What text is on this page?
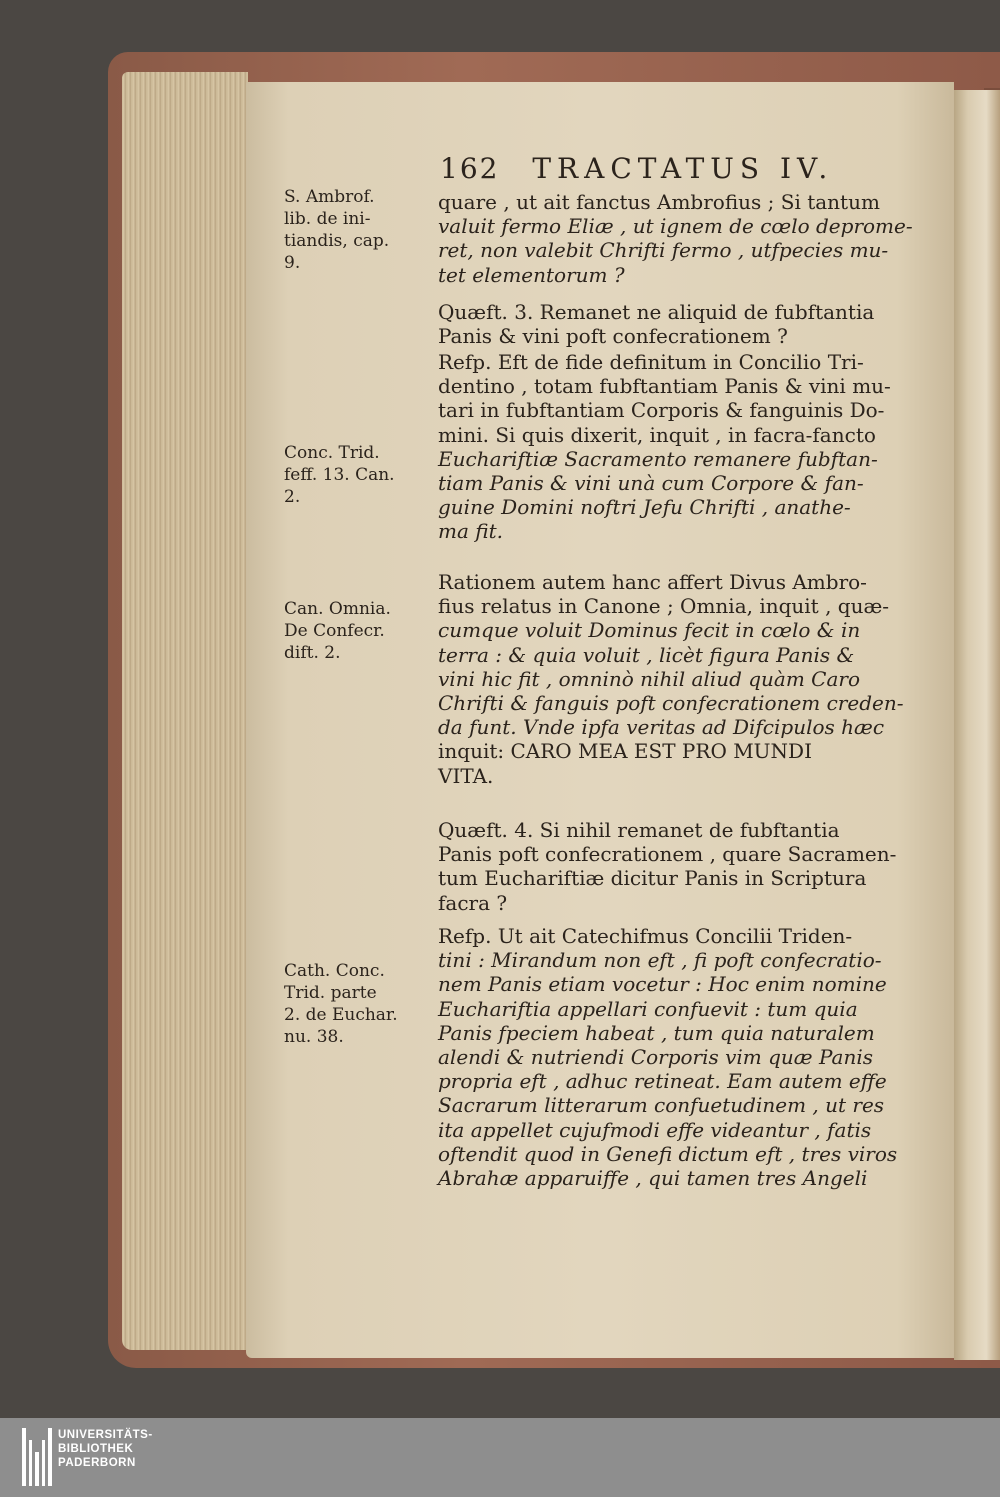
162 TRACTATUS IV.
S. Ambrof.
lib. de ini-
tiandis, cap.
9.
Conc. Trid.
feff. 13. Can.
2.
Can. Omnia.
De Confecr.
dift. 2.
Cath. Conc.
Trid. parte
2. de Euchar.
nu. 38.
quare , ut ait fanctus Ambrofius ; Si tantum
valuit fermo Eliæ , ut ignem de cœlo deprome-
ret, non valebit Chrifti fermo , utfpecies mu-
tet elementorum ?
Quæft. 3. Remanet ne aliquid de fubftantia
Panis & vini poft confecrationem ?
Refp. Eft de fide definitum in Concilio Tri-
dentino , totam fubftantiam Panis & vini mu-
tari in fubftantiam Corporis & fanguinis Do-
mini. Si quis dixerit, inquit , in facra-fancto
Euchariftiæ Sacramento remanere fubftan-
tiam Panis & vini unà cum Corpore & fan-
guine Domini noftri Jefu Chrifti , anathe-
ma fit.
Rationem autem hanc affert Divus Ambro-
fius relatus in Canone ; Omnia, inquit , quæ-
cumque voluit Dominus fecit in cœlo & in
terra : & quia voluit , licèt figura Panis &
vini hic fit , omninò nihil aliud quàm Caro
Chrifti & fanguis poft confecrationem creden-
da funt. Vnde ipfa veritas ad Difcipulos hæc
inquit: CARO MEA EST PRO MUNDI
VITA.
Quæft. 4. Si nihil remanet de fubftantia
Panis poft confecrationem , quare Sacramen-
tum Euchariftiæ dicitur Panis in Scriptura
facra ?
Refp. Ut ait Catechifmus Concilii Triden-
tini : Mirandum non eft , fi poft confecratio-
nem Panis etiam vocetur : Hoc enim nomine
Euchariftia appellari confuevit : tum quia
Panis fpeciem habeat , tum quia naturalem
alendi & nutriendi Corporis vim quæ Panis
propria eft , adhuc retineat. Eam autem effe
Sacrarum litterarum confuetudinem , ut res
ita appellet cujufmodi effe videantur , fatis
oftendit quod in Genefi dictum eft , tres viros
Abrahæ apparuiffe , qui tamen tres Angeli
UNIVERSITÄTS-
BIBLIOTHEK
PADERBORN
